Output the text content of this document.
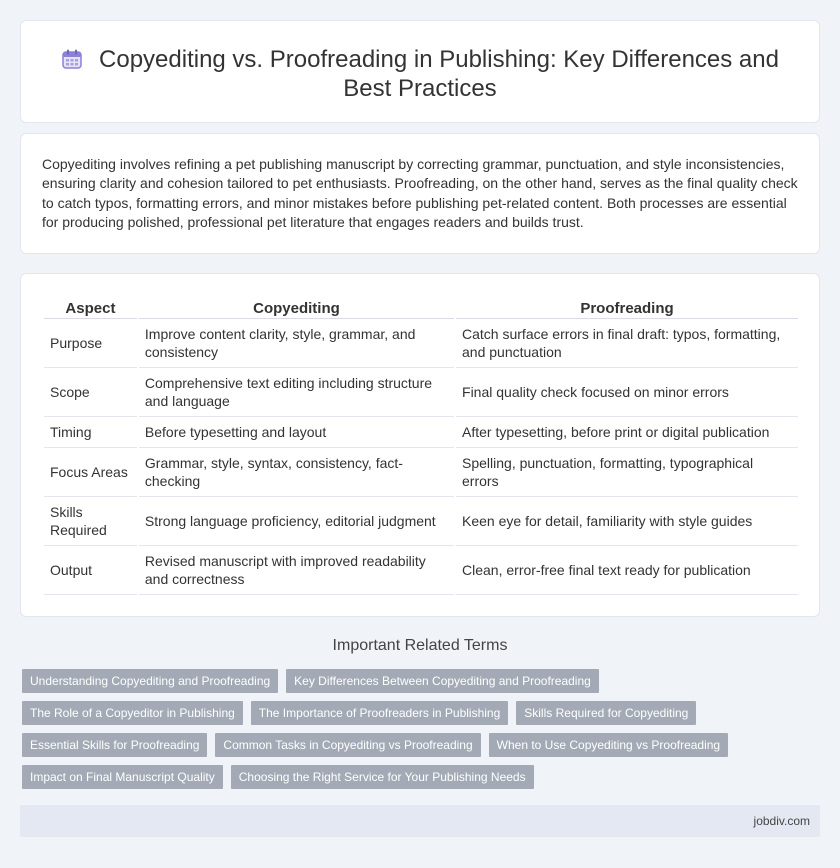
Copyediting vs. Proofreading in Publishing: Key Differences and Best Practices

Copyediting involves refining a pet publishing manuscript by correcting grammar, punctuation, and style inconsistencies, ensuring clarity and cohesion tailored to pet enthusiasts. Proofreading, on the other hand, serves as the final quality check to catch typos, formatting errors, and minor mistakes before publishing pet-related content. Both processes are essential for producing polished, professional pet literature that engages readers and builds trust.

Aspect	Copyediting	Proofreading
Purpose	Improve content clarity, style, grammar, and consistency	Catch surface errors in final draft: typos, formatting, and punctuation
Scope	Comprehensive text editing including structure and language	Final quality check focused on minor errors
Timing	Before typesetting and layout	After typesetting, before print or digital publication
Focus Areas	Grammar, style, syntax, consistency, fact-checking	Spelling, punctuation, formatting, typographical errors
Skills Required	Strong language proficiency, editorial judgment	Keen eye for detail, familiarity with style guides
Output	Revised manuscript with improved readability and correctness	Clean, error-free final text ready for publication
Important Related Terms
Understanding Copyediting and Proofreading	Key Differences Between Copyediting and Proofreading
The Role of a Copyeditor in Publishing	The Importance of Proofreaders in Publishing	Skills Required for Copyediting
Essential Skills for Proofreading	Common Tasks in Copyediting vs Proofreading	When to Use Copyediting vs Proofreading
Impact on Final Manuscript Quality	Choosing the Right Service for Your Publishing Needs
jobdiv.com
